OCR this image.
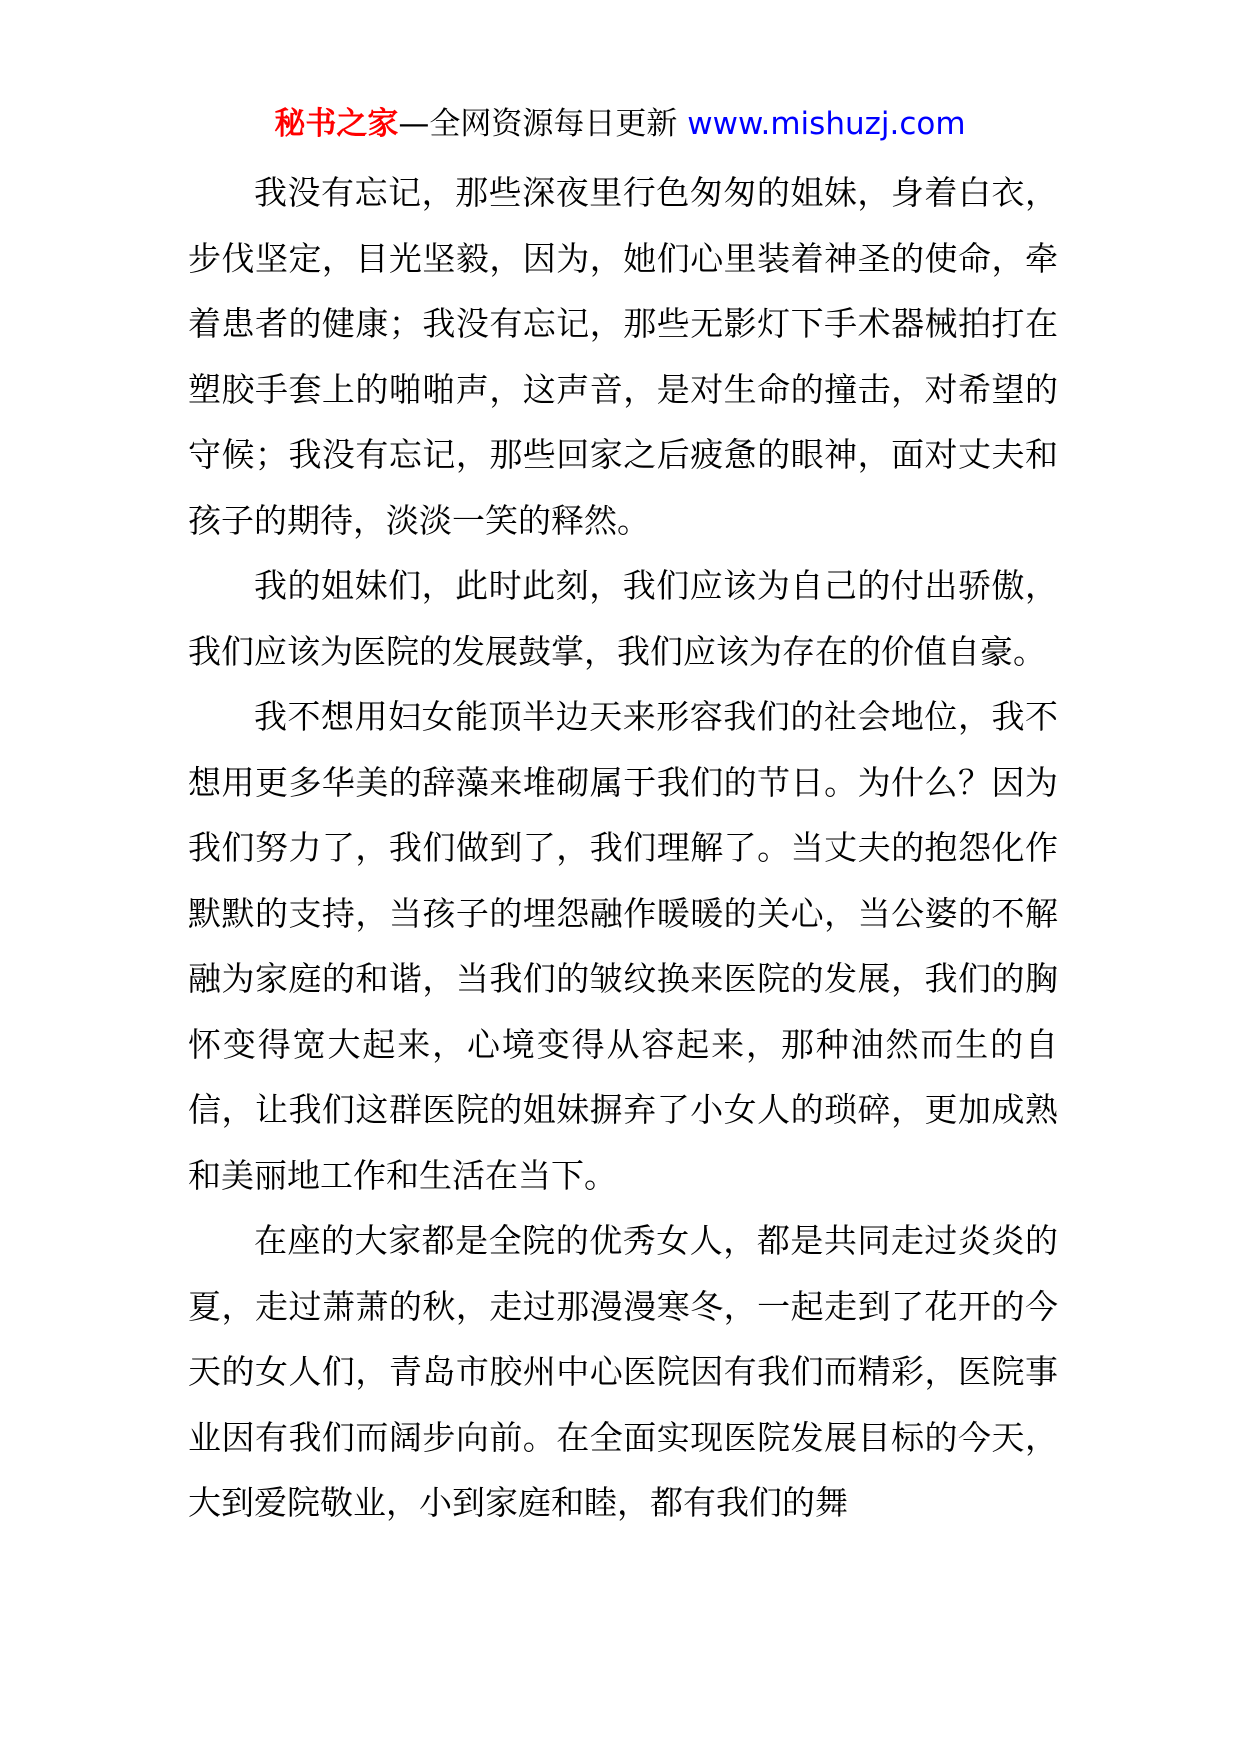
秘书之家—全网资源每日更新 www.mishuzj.com

我没有忘记，那些深夜里行色匆匆的姐妹，身着白衣，步伐坚定，目光坚毅，因为，她们心里装着神圣的使命，牵着患者的健康；我没有忘记，那些无影灯下手术器械拍打在塑胶手套上的啪啪声，这声音，是对生命的撞击，对希望的守候；我没有忘记，那些回家之后疲惫的眼神，面对丈夫和孩子的期待，淡淡一笑的释然。

我的姐妹们，此时此刻，我们应该为自己的付出骄傲，我们应该为医院的发展鼓掌，我们应该为存在的价值自豪。

我不想用妇女能顶半边天来形容我们的社会地位，我不想用更多华美的辞藻来堆砌属于我们的节日。为什么？因为我们努力了，我们做到了，我们理解了。当丈夫的抱怨化作默默的支持，当孩子的埋怨融作暖暖的关心，当公婆的不解融为家庭的和谐，当我们的皱纹换来医院的发展，我们的胸怀变得宽大起来，心境变得从容起来，那种油然而生的自信，让我们这群医院的姐妹摒弃了小女人的琐碎，更加成熟和美丽地工作和生活在当下。

在座的大家都是全院的优秀女人，都是共同走过炎炎的夏，走过萧萧的秋，走过那漫漫寒冬，一起走到了花开的今天的女人们，青岛市胶州中心医院因有我们而精彩，医院事业因有我们而阔步向前。在全面实现医院发展目标的今天，大到爱院敬业，小到家庭和睦，都有我们的舞
